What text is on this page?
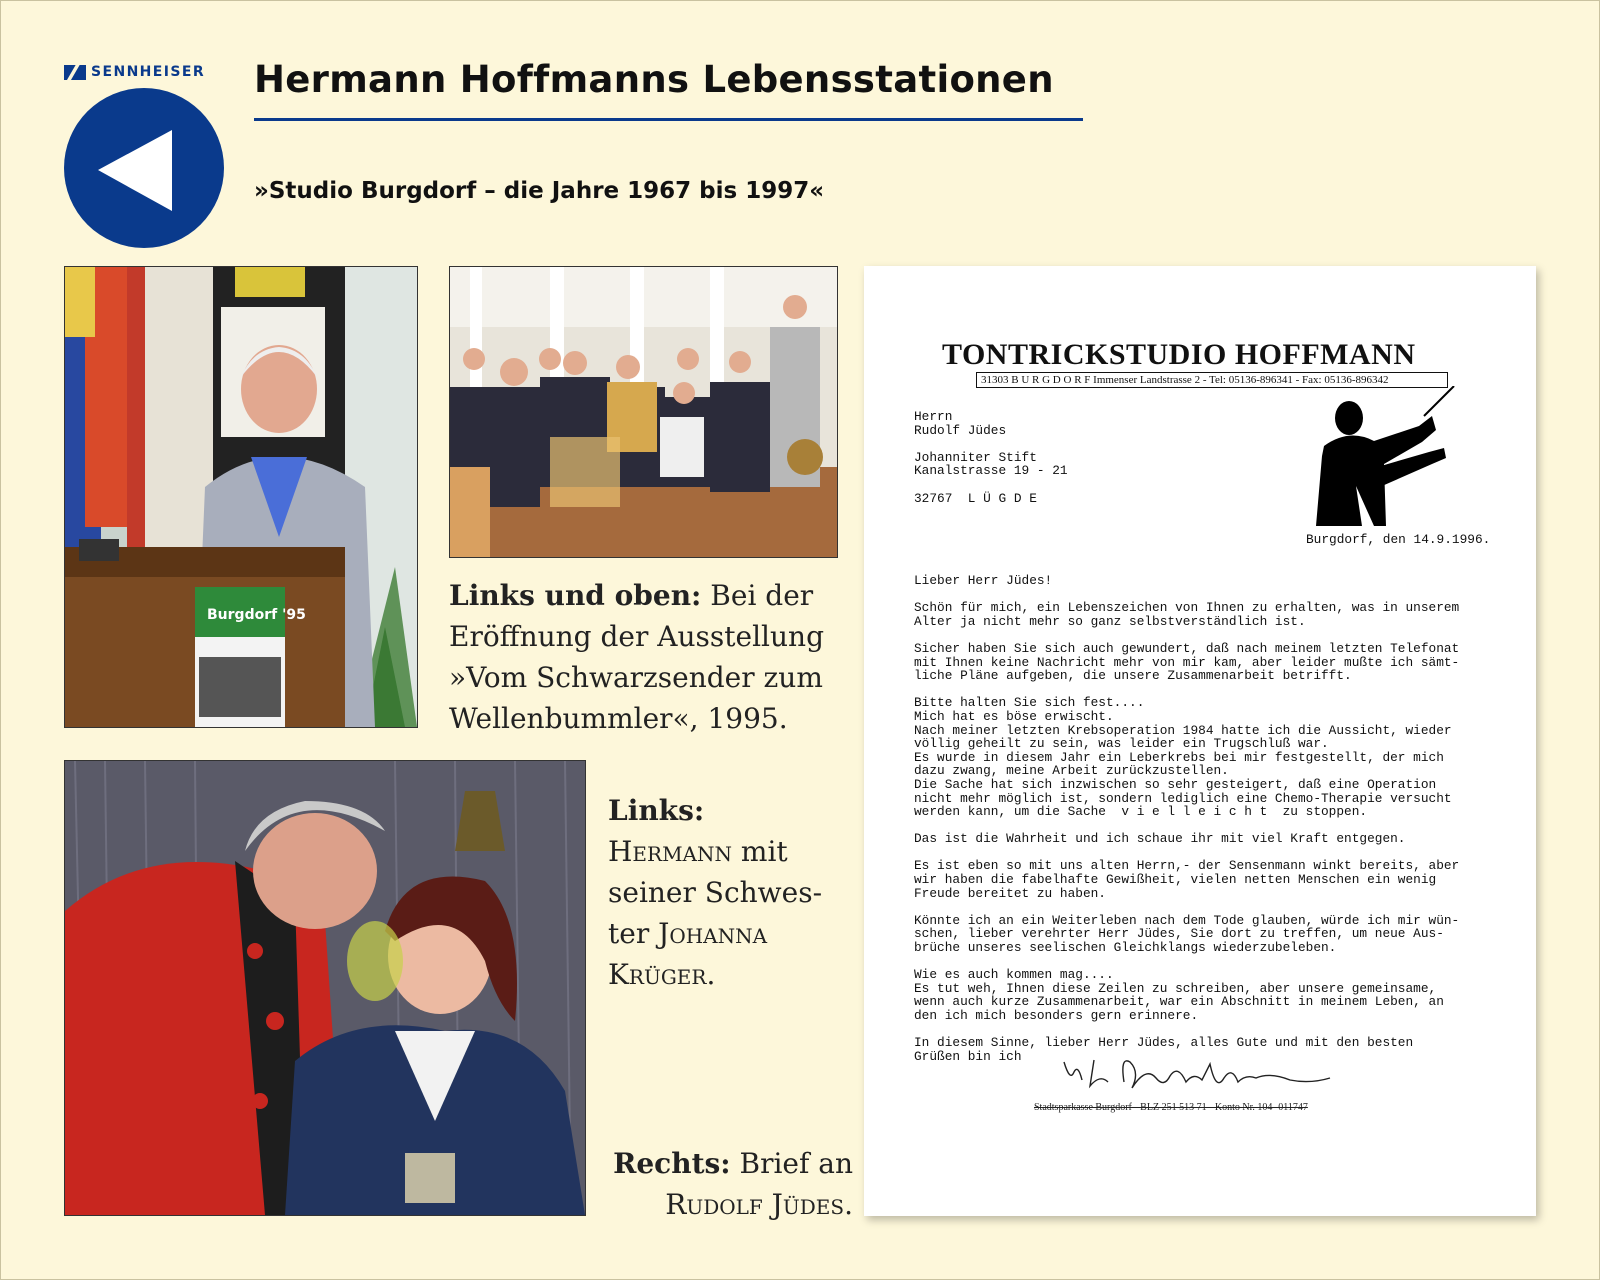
SENNHEISER Hermann Hoffmanns Lebensstationen
»Studio Burgdorf – die Jahre 1967 bis 1997«
Burgdorf '95
Links und oben: Bei der Eröffnung der Ausstellung »Vom Schwarzsender zum Wellenbummler«, 1995.
Links:
Hermann mit seiner Schwes-ter Johanna Krüger.
Rechts: Brief an Rudolf Jüdes.
TONTRICKSTUDIO HOFFMANN
31303 B U R G D O R F Immenser Landstrasse 2 - Tel: 05136-896341 - Fax: 05136-896342
Herrn
Rudolf Jüdes

Johanniter Stift
Kanalstrasse 19 - 21

32767  L Ü G D E
Burgdorf, den 14.9.1996.
Lieber Herr Jüdes!

Schön für mich, ein Lebenszeichen von Ihnen zu erhalten, was in unserem
Alter ja nicht mehr so ganz selbstverständlich ist.

Sicher haben Sie sich auch gewundert, daß nach meinem letzten Telefonat
mit Ihnen keine Nachricht mehr von mir kam, aber leider mußte ich sämt-
liche Pläne aufgeben, die unsere Zusammenarbeit betrifft.

Bitte halten Sie sich fest....
Mich hat es böse erwischt.
Nach meiner letzten Krebsoperation 1984 hatte ich die Aussicht, wieder
völlig geheilt zu sein, was leider ein Trugschluß war.
Es wurde in diesem Jahr ein Leberkrebs bei mir festgestellt, der mich
dazu zwang, meine Arbeit zurückzustellen.
Die Sache hat sich inzwischen so sehr gesteigert, daß eine Operation
nicht mehr möglich ist, sondern lediglich eine Chemo-Therapie versucht
werden kann, um die Sache  v i e l l e i c h t  zu stoppen.

Das ist die Wahrheit und ich schaue ihr mit viel Kraft entgegen.

Es ist eben so mit uns alten Herrn,- der Sensenmann winkt bereits, aber
wir haben die fabelhafte Gewißheit, vielen netten Menschen ein wenig
Freude bereitet zu haben.

Könnte ich an ein Weiterleben nach dem Tode glauben, würde ich mir wün-
schen, lieber verehrter Herr Jüdes, Sie dort zu treffen, um neue Aus-
brüche unseres seelischen Gleichklangs wiederzubeleben.

Wie es auch kommen mag....
Es tut weh, Ihnen diese Zeilen zu schreiben, aber unsere gemeinsame,
wenn auch kurze Zusammenarbeit, war ein Abschnitt in meinem Leben, an
den ich mich besonders gern erinnere.

In diesem Sinne, lieber Herr Jüdes, alles Gute und mit den besten
Grüßen bin ich
Stadtsparkasse Burgdorf - BLZ 251 513 71 - Konto Nr. 104 -011747
